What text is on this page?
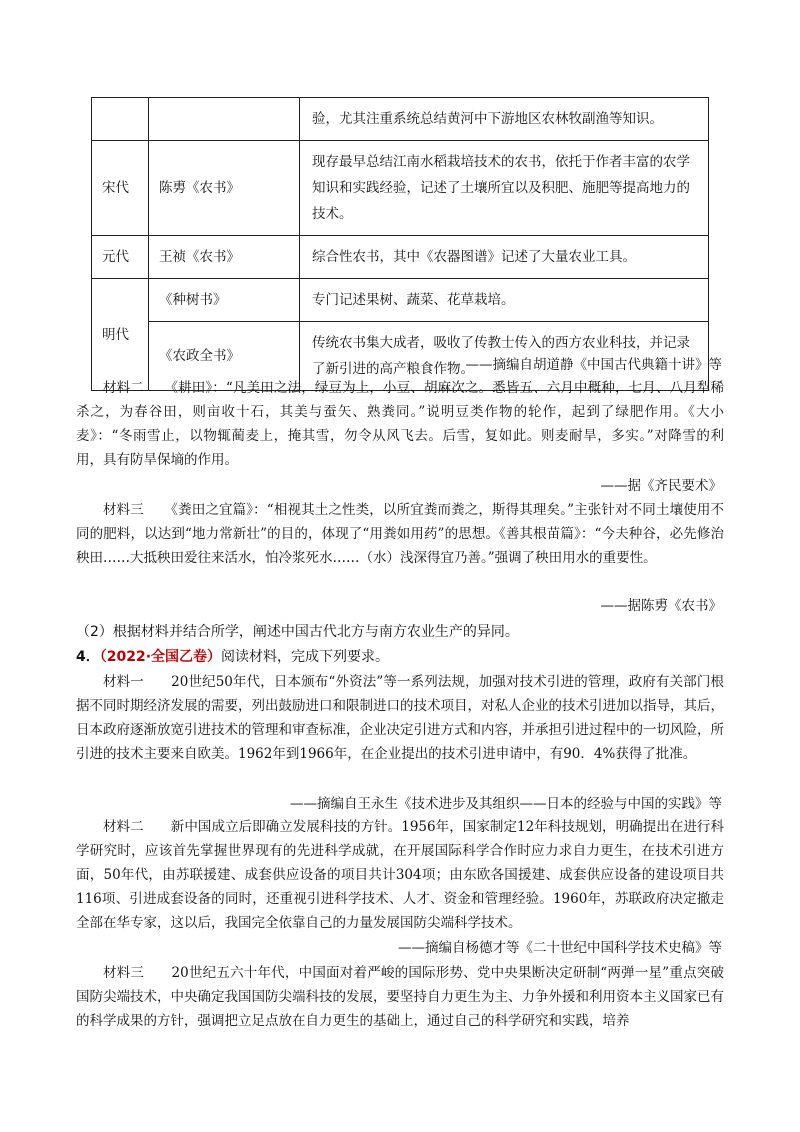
		验，尤其注重系统总结黄河中下游地区农林牧副渔等知识。
宋代	陈旉《农书》	现存最早总结江南水稻栽培技术的农书，依托于作者丰富的农学知识和实践经验，记述了土壤所宜以及积肥、施肥等提高地力的技术。
元代	王祯《农书》	综合性农书，其中《农器图谱》记述了大量农业工具。
明代	《种树书》	专门记述果树、蔬菜、花草栽培。
	《农政全书》	传统农书集大成者，吸收了传教士传入的西方农业科技，并记录了新引进的高产粮食作物。
——摘编自胡道静《中国古代典籍十讲》等

材料二　　《耕田》：“凡美田之法，绿豆为上，小豆、胡麻次之。悉皆五、六月中穊种，七月、八月犁稀杀之，为春谷田，则亩收十石，其美与蚕矢、熟粪同。”说明豆类作物的轮作，起到了绿肥作用。《大小麦》：“冬雨雪止，以物辄蔺麦上，掩其雪，勿令从风飞去。后雪，复如此。则麦耐旱，多实。”对降雪的利用，具有防旱保墒的作用。

——据《齐民要术》

材料三　　《粪田之宜篇》：“相视其土之性类，以所宜粪而粪之，斯得其理矣。”主张针对不同土壤使用不同的肥料，以达到“地力常新壮”的目的，体现了“用粪如用药”的思想。《善其根苗篇》：“今夫种谷，必先修治秧田……大抵秧田爱往来活水，怕冷浆死水……（水）浅深得宜乃善。”强调了秧田用水的重要性。

——据陈旉《农书》
（2）根据材料并结合所学，阐述中国古代北方与南方农业生产的异同。
4．（2022·全国乙卷）阅读材料，完成下列要求。

材料一　　20世纪50年代，日本颁布“外资法”等一系列法规，加强对技术引进的管理，政府有关部门根据不同时期经济发展的需要，列出鼓励进口和限制进口的技术项目，对私人企业的技术引进加以指导，其后，日本政府逐渐放宽引进技术的管理和审查标准，企业决定引进方式和内容，并承担引进过程中的一切风险，所引进的技术主要来自欧美。1962年到1966年，在企业提出的技术引进申请中，有90．4%获得了批准。

——摘编自王永生《技术进步及其组织——日本的经验与中国的实践》等

材料二　　新中国成立后即确立发展科技的方针。1956年，国家制定12年科技规划，明确提出在进行科学研究时，应该首先掌握世界现有的先进科学成就，在开展国际科学合作时应力求自力更生，在技术引进方面，50年代，由苏联援建、成套供应设备的项目共计304项；由东欧各国援建、成套供应设备的建设项目共116项、引进成套设备的同时，还重视引进科学技术、人才、资金和管理经验。1960年，苏联政府决定撤走全部在华专家，这以后，我国完全依靠自己的力量发展国防尖端科学技术。

——摘编自杨德才等《二十世纪中国科学技术史稿》等

材料三　　20世纪五六十年代，中国面对着严峻的国际形势、党中央果断决定研制“两弹一星”重点突破国防尖端技术，中央确定我国国防尖端科技的发展，要坚持自力更生为主、力争外援和利用资本主义国家已有的科学成果的方针，强调把立足点放在自力更生的基础上，通过自己的科学研究和实践，培养
